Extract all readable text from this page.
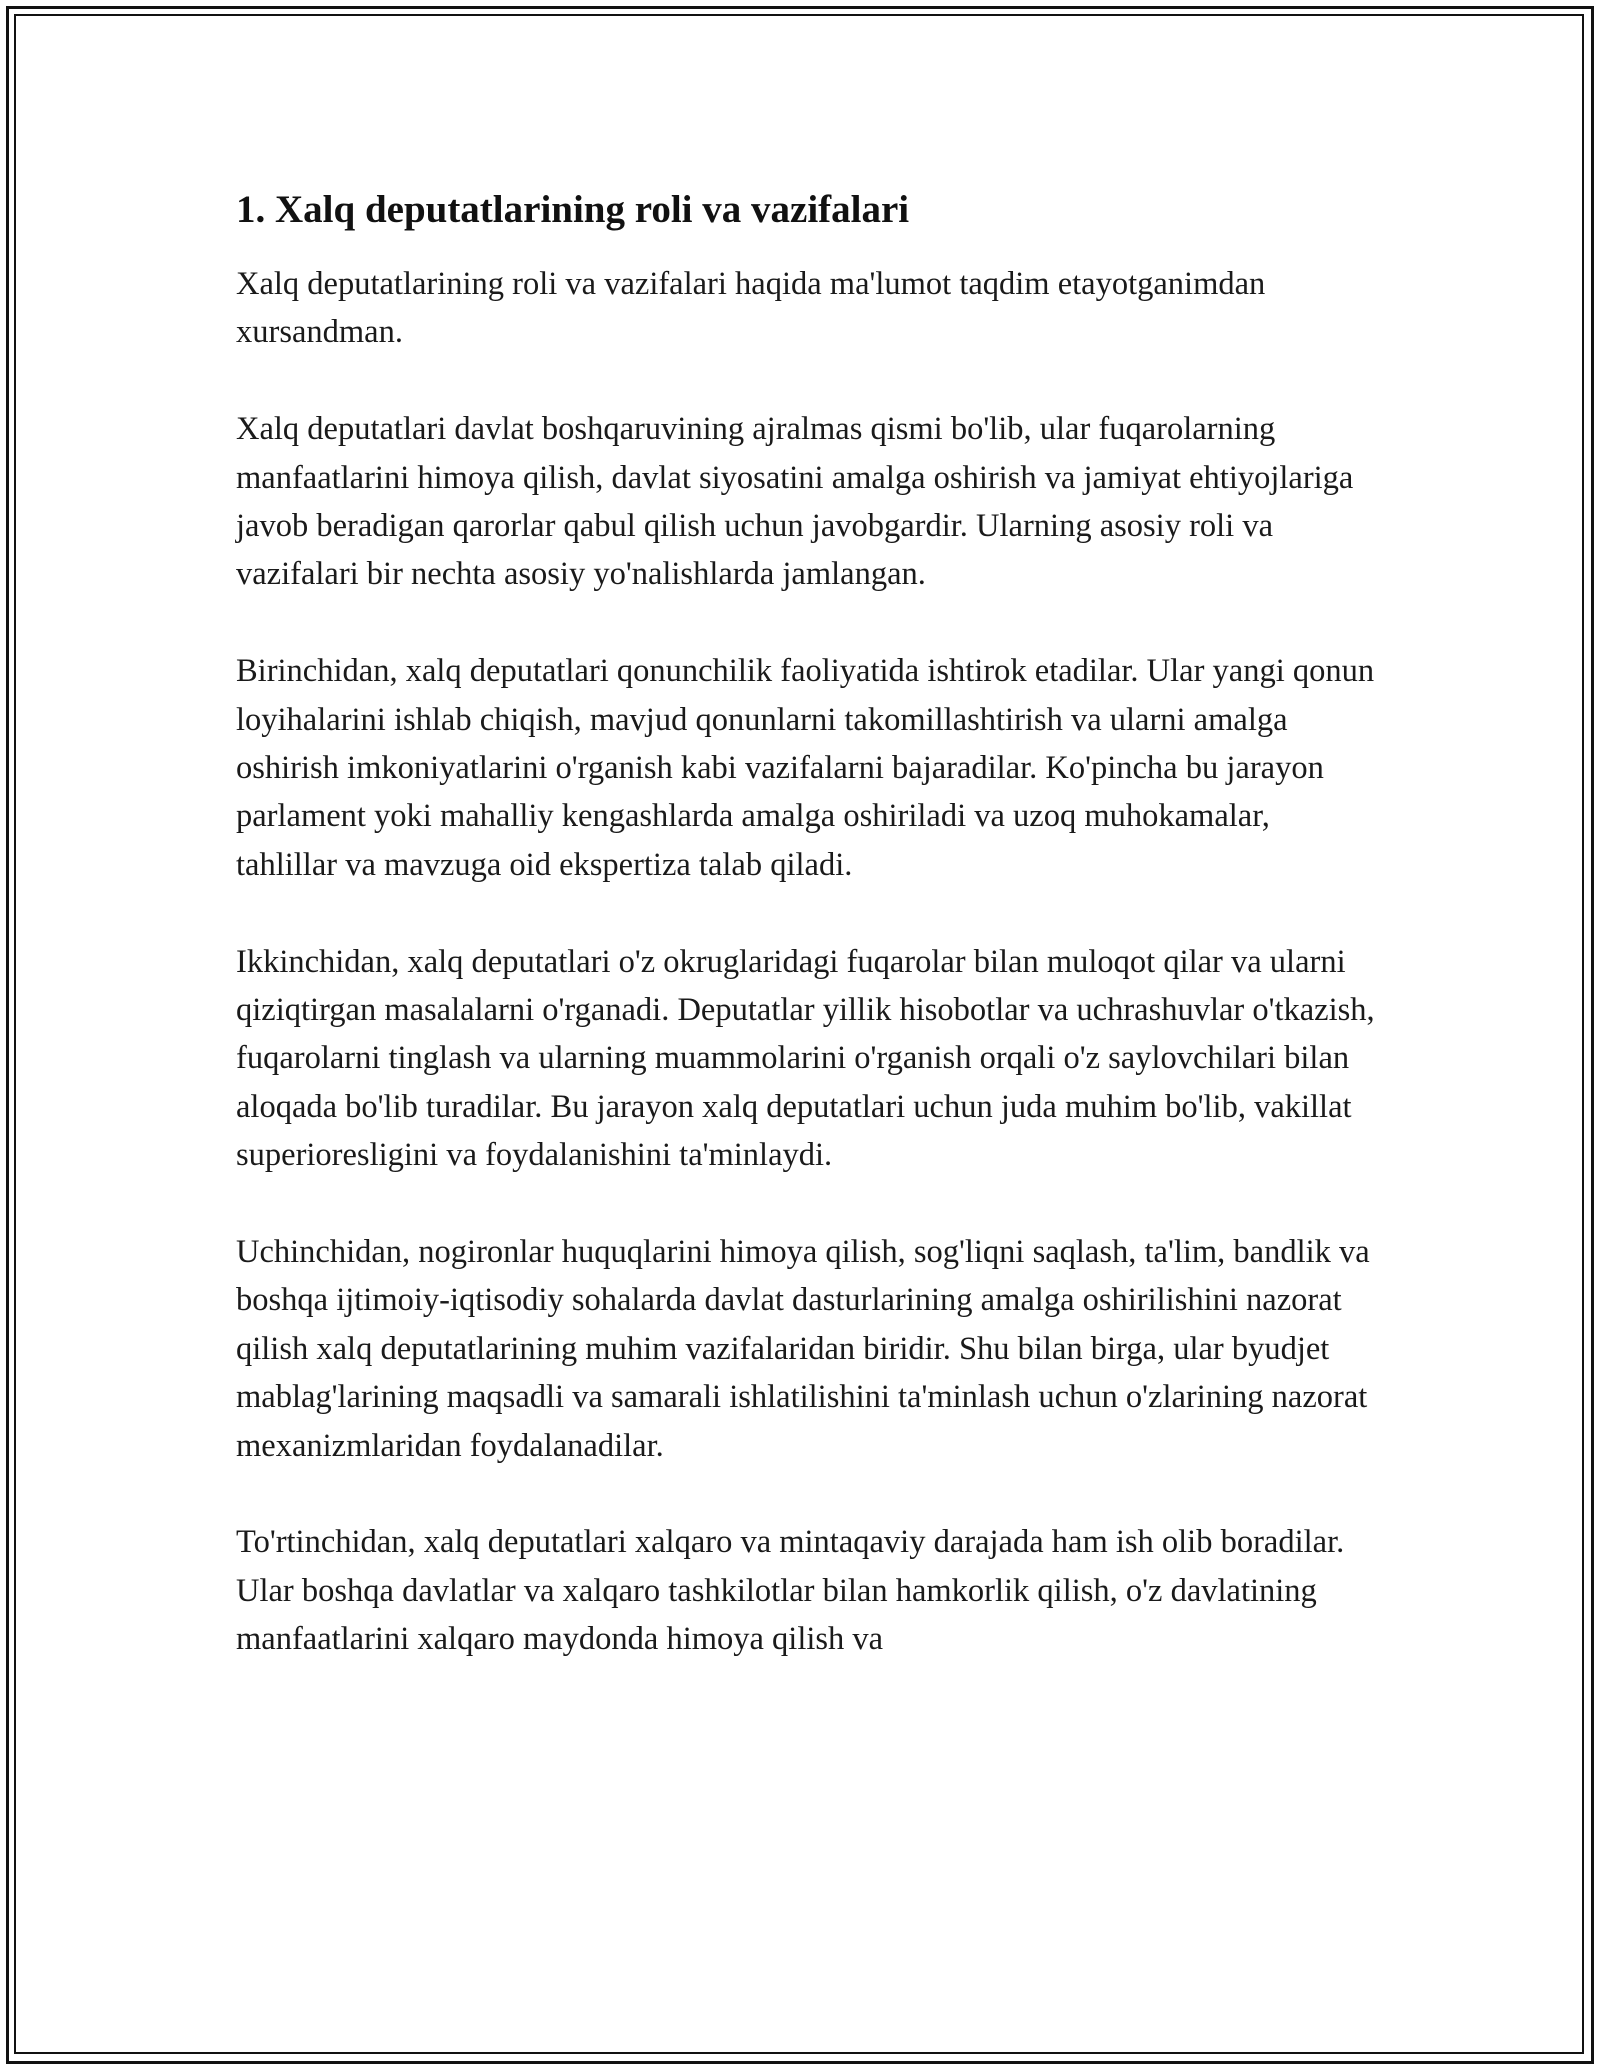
1. Xalq deputatlarining roli va vazifalari

Xalq deputatlarining roli va vazifalari haqida ma'lumot taqdim etayotganimdan xursandman.

Xalq deputatlari davlat boshqaruvining ajralmas qismi bo'lib, ular fuqarolarning manfaatlarini himoya qilish, davlat siyosatini amalga oshirish va jamiyat ehtiyojlariga javob beradigan qarorlar qabul qilish uchun javobgardir. Ularning asosiy roli va vazifalari bir nechta asosiy yo'nalishlarda jamlangan.

Birinchidan, xalq deputatlari qonunchilik faoliyatida ishtirok etadilar. Ular yangi qonun loyihalarini ishlab chiqish, mavjud qonunlarni takomillashtirish va ularni amalga oshirish imkoniyatlarini o'rganish kabi vazifalarni bajaradilar. Ko'pincha bu jarayon parlament yoki mahalliy kengashlarda amalga oshiriladi va uzoq muhokamalar, tahlillar va mavzuga oid ekspertiza talab qiladi.

Ikkinchidan, xalq deputatlari o'z okruglaridagi fuqarolar bilan muloqot qilar va ularni qiziqtirgan masalalarni o'rganadi. Deputatlar yillik hisobotlar va uchrashuvlar o'tkazish, fuqarolarni tinglash va ularning muammolarini o'rganish orqali o'z saylovchilari bilan aloqada bo'lib turadilar. Bu jarayon xalq deputatlari uchun juda muhim bo'lib, vakillat superioresligini va foydalanishini ta'minlaydi.

Uchinchidan, nogironlar huquqlarini himoya qilish, sog'liqni saqlash, ta'lim, bandlik va boshqa ijtimoiy-iqtisodiy sohalarda davlat dasturlarining amalga oshirilishini nazorat qilish xalq deputatlarining muhim vazifalaridan biridir. Shu bilan birga, ular byudjet mablag'larining maqsadli va samarali ishlatilishini ta'minlash uchun o'zlarining nazorat mexanizmlaridan foydalanadilar.

To'rtinchidan, xalq deputatlari xalqaro va mintaqaviy darajada ham ish olib boradilar. Ular boshqa davlatlar va xalqaro tashkilotlar bilan hamkorlik qilish, o'z davlatining manfaatlarini xalqaro maydonda himoya qilish va
